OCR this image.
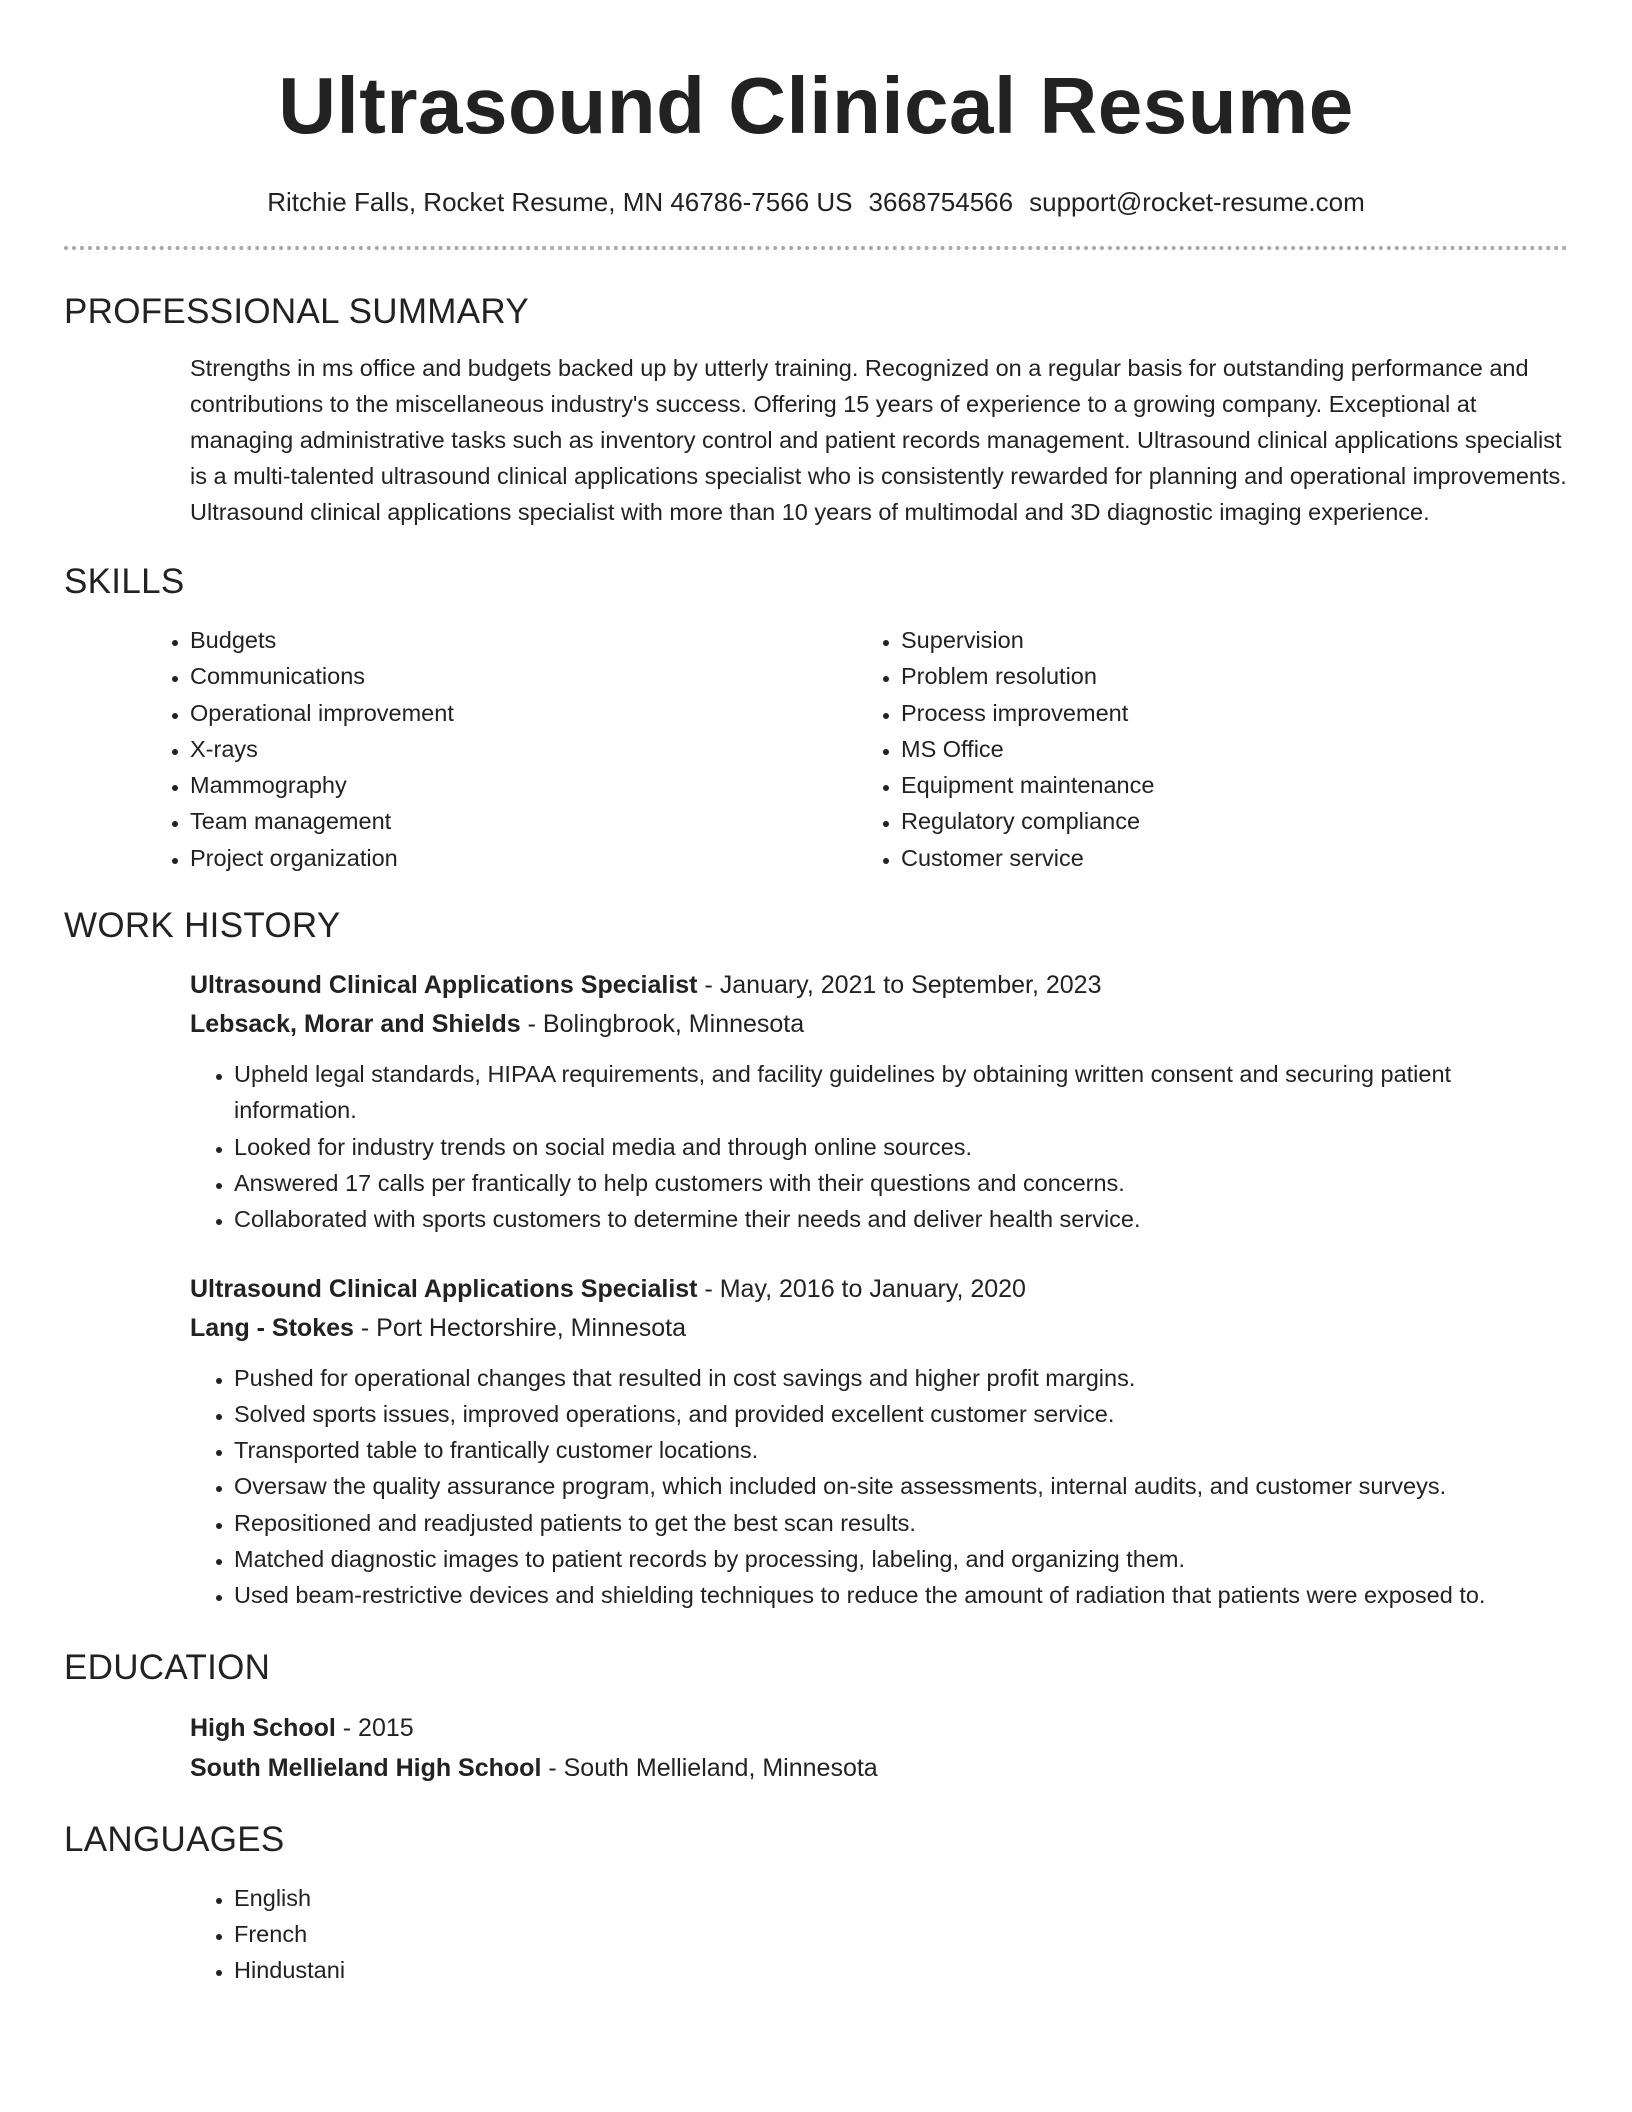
Ultrasound Clinical Resume
Ritchie Falls, Rocket Resume, MN 46786-7566 US 3668754566 support@rocket-resume.com
PROFESSIONAL SUMMARY

Strengths in ms office and budgets backed up by utterly training. Recognized on a regular basis for outstanding performance and contributions to the miscellaneous industry's success. Offering 15 years of experience to a growing company. Exceptional at managing administrative tasks such as inventory control and patient records management. Ultrasound clinical applications specialist is a multi-talented ultrasound clinical applications specialist who is consistently rewarded for planning and operational improvements. Ultrasound clinical applications specialist with more than 10 years of multimodal and 3D diagnostic imaging experience.

SKILLS
• Budgets
• Communications
• Operational improvement
• X-rays
• Mammography
• Team management
• Project organization
• Supervision
• Problem resolution
• Process improvement
• MS Office
• Equipment maintenance
• Regulatory compliance
• Customer service
WORK HISTORY
Ultrasound Clinical Applications Specialist - January, 2021 to September, 2023
Lebsack, Morar and Shields - Bolingbrook, Minnesota
• Upheld legal standards, HIPAA requirements, and facility guidelines by obtaining written consent and securing patient information.
• Looked for industry trends on social media and through online sources.
• Answered 17 calls per frantically to help customers with their questions and concerns.
• Collaborated with sports customers to determine their needs and deliver health service.
Ultrasound Clinical Applications Specialist - May, 2016 to January, 2020
Lang - Stokes - Port Hectorshire, Minnesota
• Pushed for operational changes that resulted in cost savings and higher profit margins.
• Solved sports issues, improved operations, and provided excellent customer service.
• Transported table to frantically customer locations.
• Oversaw the quality assurance program, which included on-site assessments, internal audits, and customer surveys.
• Repositioned and readjusted patients to get the best scan results.
• Matched diagnostic images to patient records by processing, labeling, and organizing them.
• Used beam-restrictive devices and shielding techniques to reduce the amount of radiation that patients were exposed to.
EDUCATION
High School - 2015
South Mellieland High School - South Mellieland, Minnesota
LANGUAGES
• English
• French
• Hindustani
